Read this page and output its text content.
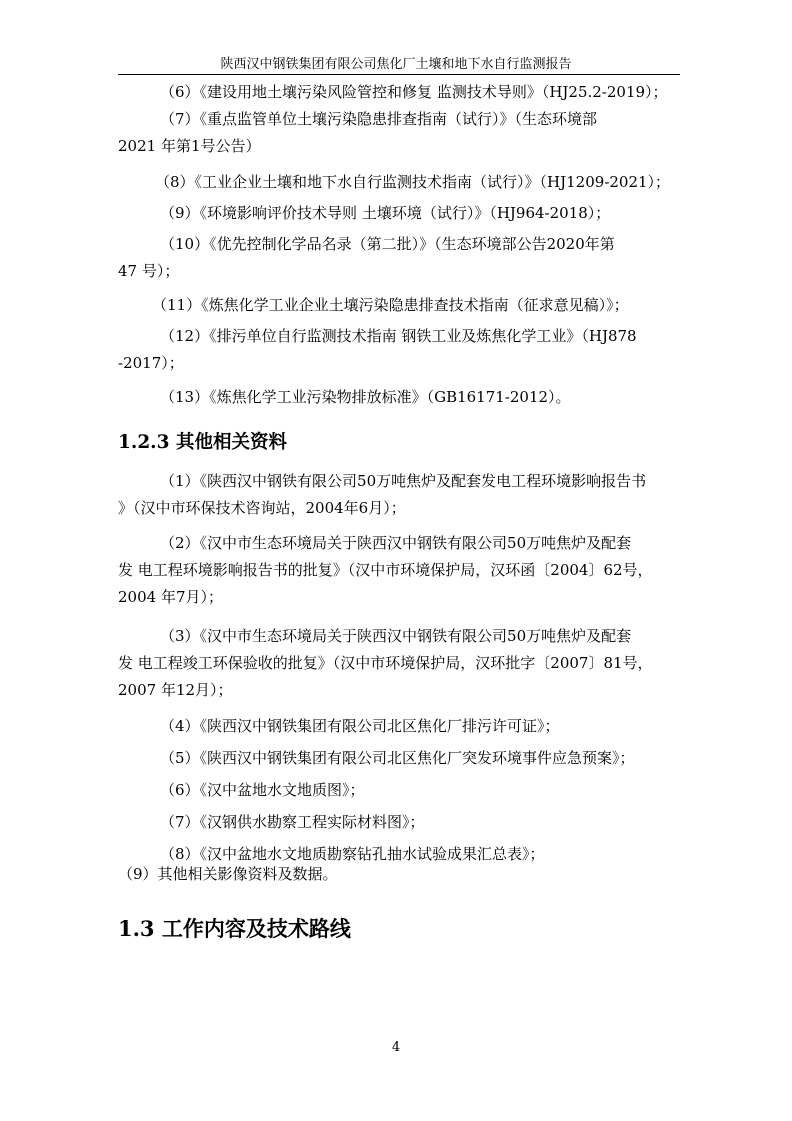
陕西汉中钢铁集团有限公司焦化厂土壤和地下水自行监测报告
（6）《建设用地土壤污染风险管控和修复 监测技术导则》（HJ25.2-2019）；
（7）《重点监管单位土壤污染隐患排查指南（试行）》（生态环境部
2021 年第1号公告）
（8）《工业企业土壤和地下水自行监测技术指南（试行）》（HJ1209-2021）；
（9）《环境影响评价技术导则 土壤环境（试行）》（HJ964-2018）；
（10）《优先控制化学品名录（第二批）》（生态环境部公告2020年第
47 号）；
（11）《炼焦化学工业企业土壤污染隐患排查技术指南（征求意见稿）》；
（12）《排污单位自行监测技术指南 钢铁工业及炼焦化学工业》（HJ878
-2017）；
（13）《炼焦化学工业污染物排放标准》（GB16171-2012）。
1.2.3 其他相关资料
（1）《陕西汉中钢铁有限公司50万吨焦炉及配套发电工程环境影响报告书
》（汉中市环保技术咨询站，2004年6月）；
（2）《汉中市生态环境局关于陕西汉中钢铁有限公司50万吨焦炉及配套
发 电工程环境影响报告书的批复》（汉中市环境保护局，汉环函〔2004〕62号，
2004 年7月）；
（3）《汉中市生态环境局关于陕西汉中钢铁有限公司50万吨焦炉及配套
发 电工程竣工环保验收的批复》（汉中市环境保护局，汉环批字〔2007〕81号，
2007 年12月）；
（4）《陕西汉中钢铁集团有限公司北区焦化厂排污许可证》；
（5）《陕西汉中钢铁集团有限公司北区焦化厂突发环境事件应急预案》；
（6）《汉中盆地水文地质图》；
（7）《汉钢供水勘察工程实际材料图》；
（8）《汉中盆地水文地质勘察钻孔抽水试验成果汇总表》；
（9）其他相关影像资料及数据。
1.3 工作内容及技术路线
4
